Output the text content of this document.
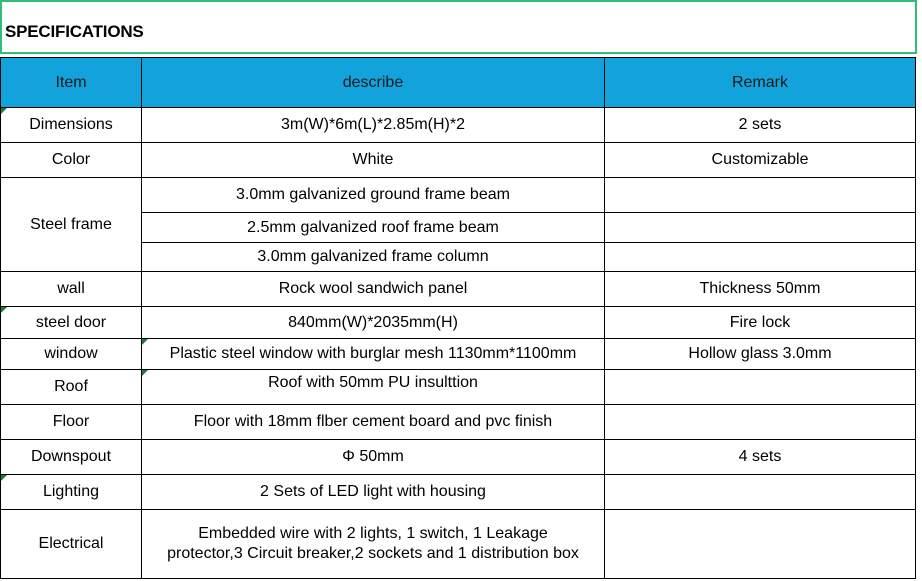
SPECIFICATIONS
Item	describe	Remark

Dimensions	3m(W)*6m(L)*2.85m(H)*2	2 sets
Color	White	Customizable
Steel frame	3.0mm galvanized ground frame beam	
	2.5mm galvanized roof frame beam	
	3.0mm galvanized frame column	
wall	Rock wool sandwich panel	Thickness 50mm

steel door	840mm(W)*2035mm(H)	Fire lock
window	Plastic steel window with burglar mesh 1130mm*1100mm	Hollow glass 3.0mm
Roof	Roof with 50mm PU insulttion	
Floor	Floor with 18mm flber cement board and pvc finish	
Downspout	Φ 50mm	4 sets

Lighting	2 Sets of LED light with housing	
Electrical	Embedded wire with 2 lights, 1 switch, 1 Leakage
protector,3 Circuit breaker,2 sockets and 1 distribution box	
